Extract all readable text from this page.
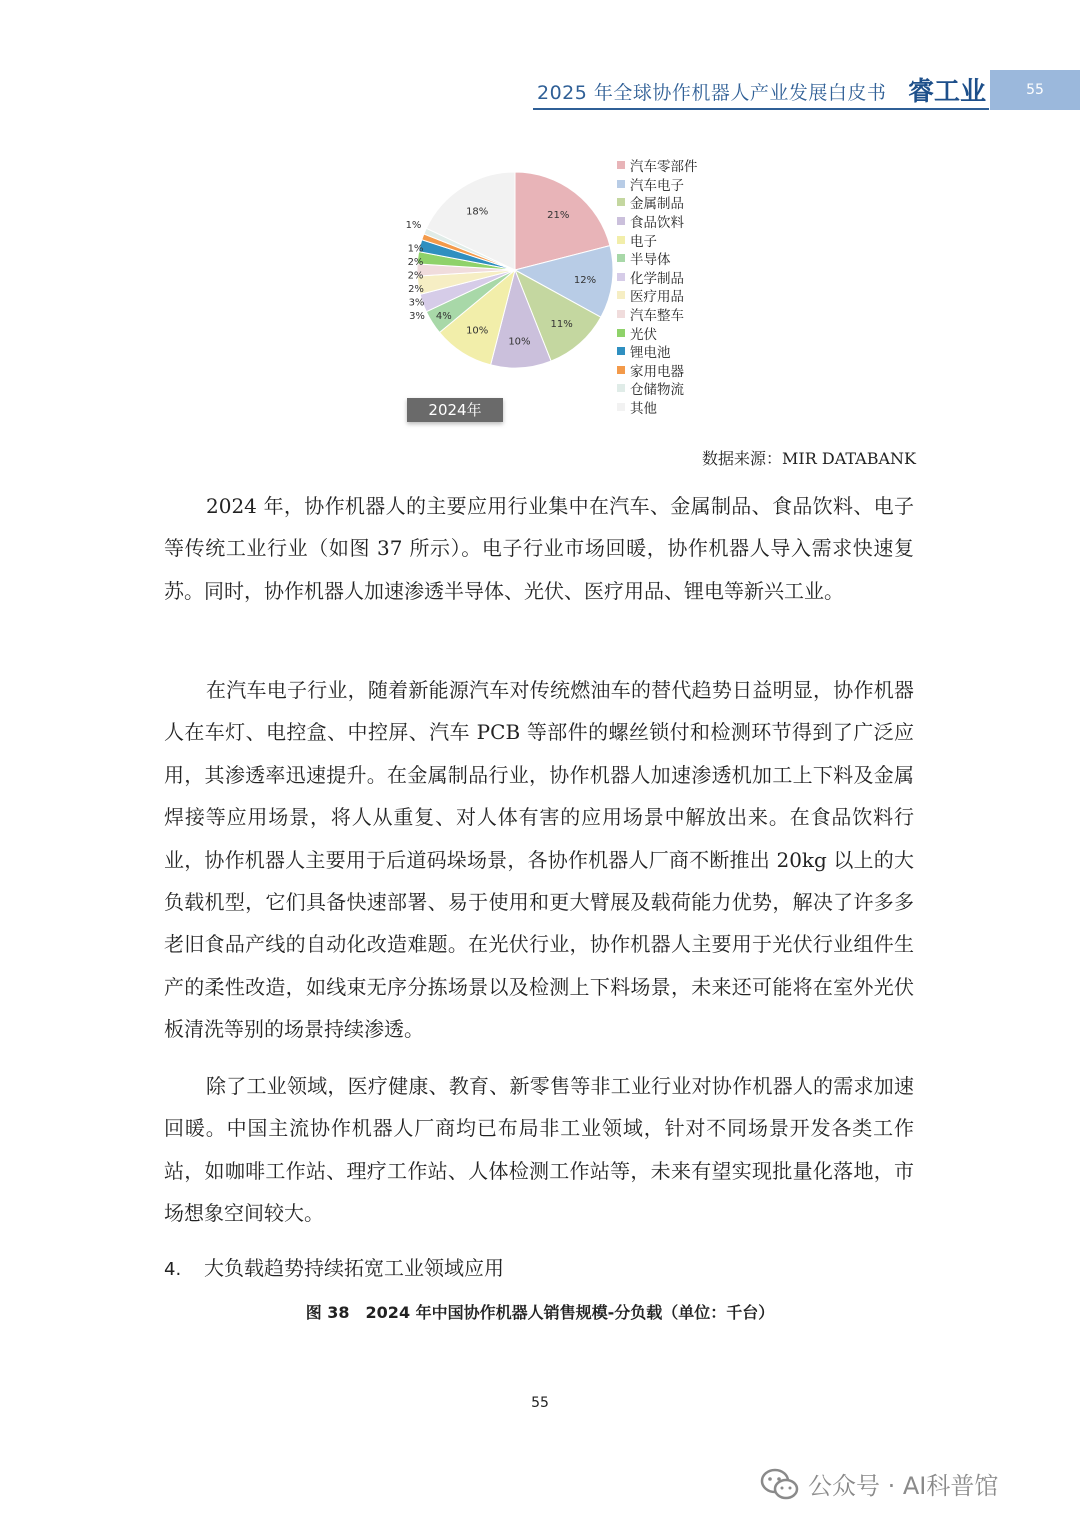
2025 年全球协作机器人产业发展白皮书 睿工业	55
21%
12%
11%
10%
10%
4%
3%
3%
2%
2%
2%
1%
1%
18%
2024年
汽车零部件
汽车电子
金属制品
食品饮料
电子
半导体
化学制品
医疗用品
汽车整车
光伏
锂电池
家用电器
仓储物流
其他
数据来源：MIR DATABANK

2024 年，协作机器人的主要应用行业集中在汽车、金属制品、食品饮料、电子等传统工业行业（如图 37 所示）。电子行业市场回暖，协作机器人导入需求快速复苏。同时，协作机器人加速渗透半导体、光伏、医疗用品、锂电等新兴工业。

在汽车电子行业，随着新能源汽车对传统燃油车的替代趋势日益明显，协作机器人在车灯、电控盒、中控屏、汽车 PCB 等部件的螺丝锁付和检测环节得到了广泛应用，其渗透率迅速提升。在金属制品行业，协作机器人加速渗透机加工上下料及金属焊接等应用场景，将人从重复、对人体有害的应用场景中解放出来。在食品饮料行业，协作机器人主要用于后道码垛场景，各协作机器人厂商不断推出 20kg 以上的大负载机型，它们具备快速部署、易于使用和更大臂展及载荷能力优势，解决了许多多老旧食品产线的自动化改造难题。在光伏行业，协作机器人主要用于光伏行业组件生产的柔性改造，如线束无序分拣场景以及检测上下料场景，未来还可能将在室外光伏板清洗等别的场景持续渗透。

除了工业领域，医疗健康、教育、新零售等非工业行业对协作机器人的需求加速回暖。中国主流协作机器人厂商均已布局非工业领域，针对不同场景开发各类工作站，如咖啡工作站、理疗工作站、人体检测工作站等，未来有望实现批量化落地，市场想象空间较大。

4. 大负载趋势持续拓宽工业领域应用
图 38　2024 年中国协作机器人销售规模-分负载（单位：千台）
55
公众号 · AI科普馆
